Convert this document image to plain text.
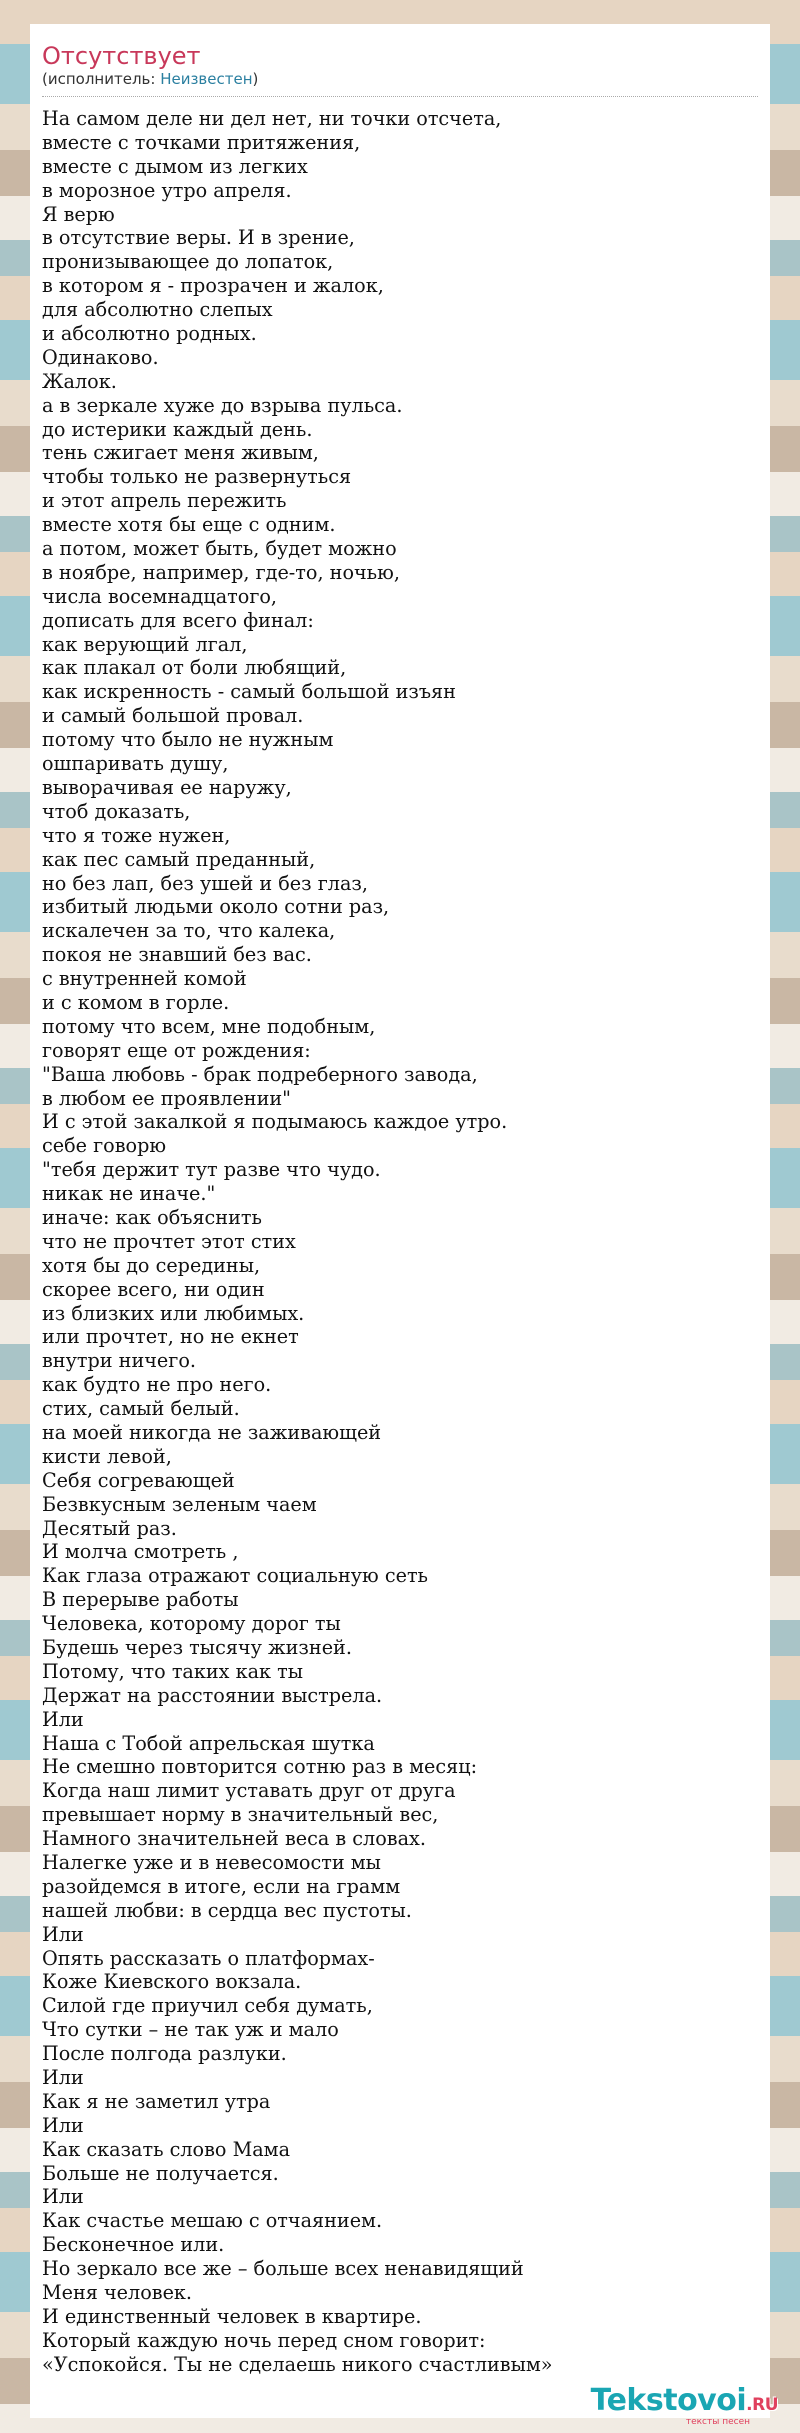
Отсутствует
(исполнитель: Неизвестен)
На самом деле ни дел нет, ни точки отсчета,
вместе с точками притяжения,
вместе с дымом из легких
в морозное утро апреля.
Я верю
в отсутствие веры. И в зрение,
пронизывающее до лопаток,
в котором я - прозрачен и жалок,
для абсолютно слепых
и абсолютно родных.
Одинаково.
Жалок.
а в зеркале хуже до взрыва пульса.
до истерики каждый день.
тень сжигает меня живым,
чтобы только не развернуться
и этот апрель пережить
вместе хотя бы еще с одним.
а потом, может быть, будет можно
в ноябре, например, где-то, ночью,
числа восемнадцатого,
дописать для всего финал:
как верующий лгал,
как плакал от боли любящий,
как искренность - самый большой изъян
и самый большой провал.
потому что было не нужным
ошпаривать душу,
выворачивая ее наружу,
чтоб доказать,
что я тоже нужен,
как пес самый преданный,
но без лап, без ушей и без глаз,
избитый людьми около сотни раз,
искалечен за то, что калека,
покоя не знавший без вас.
с внутренней комой
и с комом в горле.
потому что всем, мне подобным,
говорят еще от рождения:
"Ваша любовь - брак подреберного завода,
в любом ее проявлении"
И с этой закалкой я подымаюсь каждое утро.
себе говорю
"тебя держит тут разве что чудо.
никак не иначе."
иначе: как объяснить
что не прочтет этот стих
хотя бы до середины,
скорее всего, ни один
из близких или любимых.
или прочтет, но не екнет
внутри ничего.
как будто не про него.
стих, самый белый.
на моей никогда не заживающей
кисти левой,
Себя согревающей
Безвкусным зеленым чаем
Десятый раз.
И молча смотреть ,
Как глаза отражают социальную сеть
В перерыве работы
Человека, которому дорог ты
Будешь через тысячу жизней.
Потому, что таких как ты
Держат на расстоянии выстрела.
Или
Наша с Тобой апрельская шутка
Не смешно повторится сотню раз в месяц:
Когда наш лимит уставать друг от друга
превышает норму в значительный вес,
Намного значительней веса в словах.
Налегке уже и в невесомости мы
разойдемся в итоге, если на грамм
нашей любви: в сердца вес пустоты.
Или
Опять рассказать о платформах-
Коже Киевского вокзала.
Силой где приучил себя думать,
Что сутки – не так уж и мало
После полгода разлуки.
Или
Как я не заметил утра
Или
Как сказать слово Мама
Больше не получается.
Или
Как счастье мешаю с отчаянием.
Бесконечное или.
Но зеркало все же – больше всех ненавидящий
Меня человек.
И единственный человек в квартире.
Который каждую ночь перед сном говорит:
«Успокойся. Ты не сделаешь никого счастливым»
Tekstovoi.RU
тексты песен
